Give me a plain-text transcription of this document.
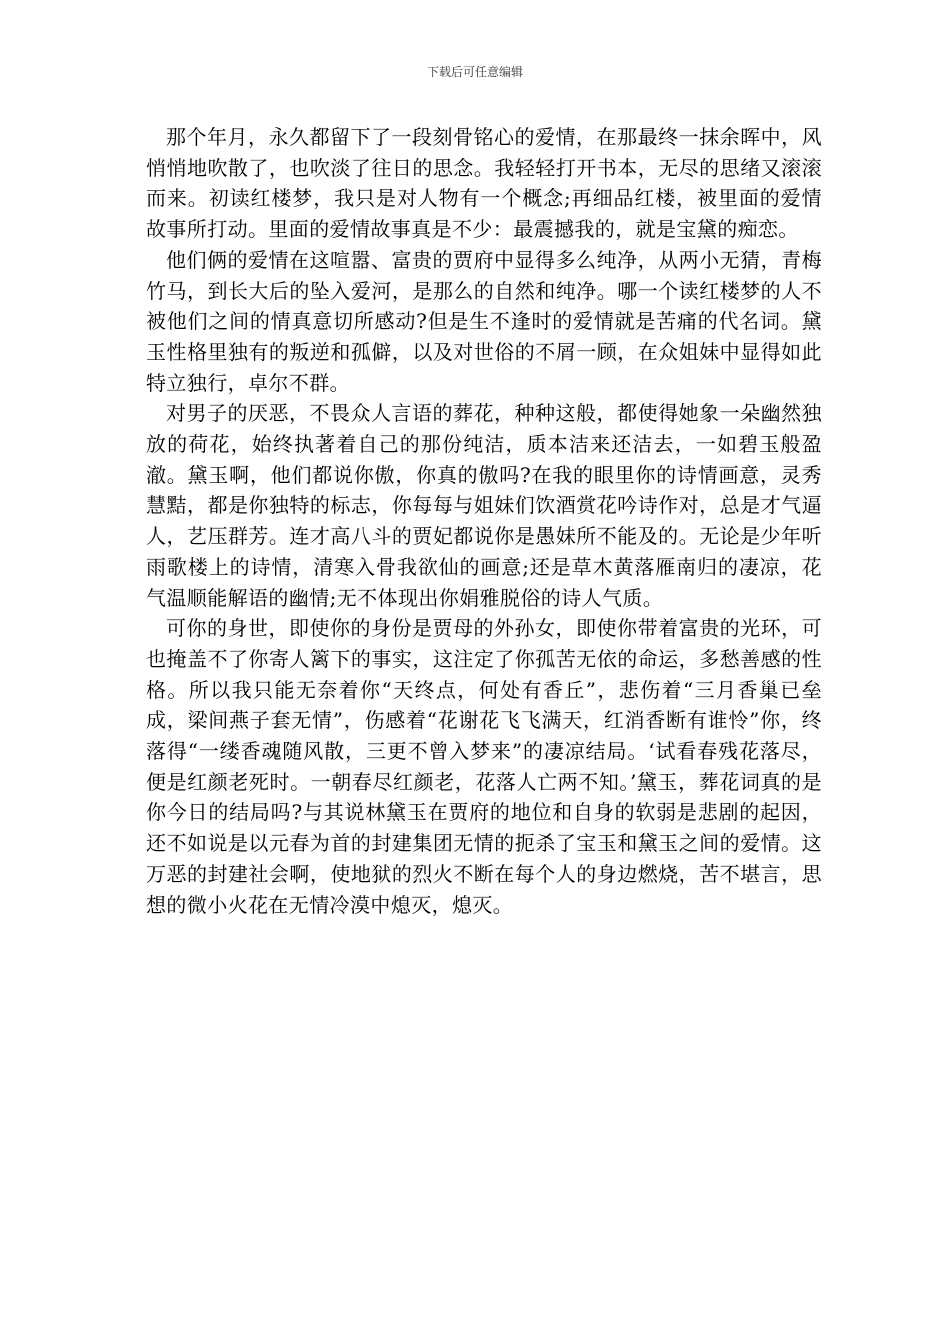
下载后可任意编辑

那个年月，永久都留下了一段刻骨铭心的爱情，在那最终一抹余晖中，风悄悄地吹散了，也吹淡了往日的思念。我轻轻打开书本，无尽的思绪又滚滚而来。初读红楼梦，我只是对人物有一个概念;再细品红楼，被里面的爱情故事所打动。里面的爱情故事真是不少：最震撼我的，就是宝黛的痴恋。

他们俩的爱情在这喧嚣、富贵的贾府中显得多么纯净，从两小无猜，青梅竹马，到长大后的坠入爱河，是那么的自然和纯净。哪一个读红楼梦的人不被他们之间的情真意切所感动?但是生不逢时的爱情就是苦痛的代名词。黛玉性格里独有的叛逆和孤僻，以及对世俗的不屑一顾，在众姐妹中显得如此特立独行，卓尔不群。

对男子的厌恶，不畏众人言语的葬花，种种这般，都使得她象一朵幽然独放的荷花，始终执著着自己的那份纯洁，质本洁来还洁去，一如碧玉般盈澈。黛玉啊，他们都说你傲，你真的傲吗?在我的眼里你的诗情画意，灵秀慧黠，都是你独特的标志，你每每与姐妹们饮酒赏花吟诗作对，总是才气逼人，艺压群芳。连才高八斗的贾妃都说你是愚妹所不能及的。无论是少年听雨歌楼上的诗情，清寒入骨我欲仙的画意;还是草木黄落雁南归的凄凉，花气温顺能解语的幽情;无不体现出你娟雅脱俗的诗人气质。

可你的身世，即使你的身份是贾母的外孙女，即使你带着富贵的光环，可也掩盖不了你寄人篱下的事实，这注定了你孤苦无依的命运，多愁善感的性格。所以我只能无奈着你“天终点，何处有香丘”，悲伤着“三月香巢已垒成，梁间燕子套无情”，伤感着“花谢花飞飞满天，红消香断有谁怜”你，终落得“一缕香魂随风散，三更不曾入梦来”的凄凉结局。‘试看春残花落尽，便是红颜老死时。一朝春尽红颜老，花落人亡两不知。’黛玉，葬花词真的是你今日的结局吗?与其说林黛玉在贾府的地位和自身的软弱是悲剧的起因，还不如说是以元春为首的封建集团无情的扼杀了宝玉和黛玉之间的爱情。这万恶的封建社会啊，使地狱的烈火不断在每个人的身边燃烧，苦不堪言，思想的微小火花在无情冷漠中熄灭，熄灭。
